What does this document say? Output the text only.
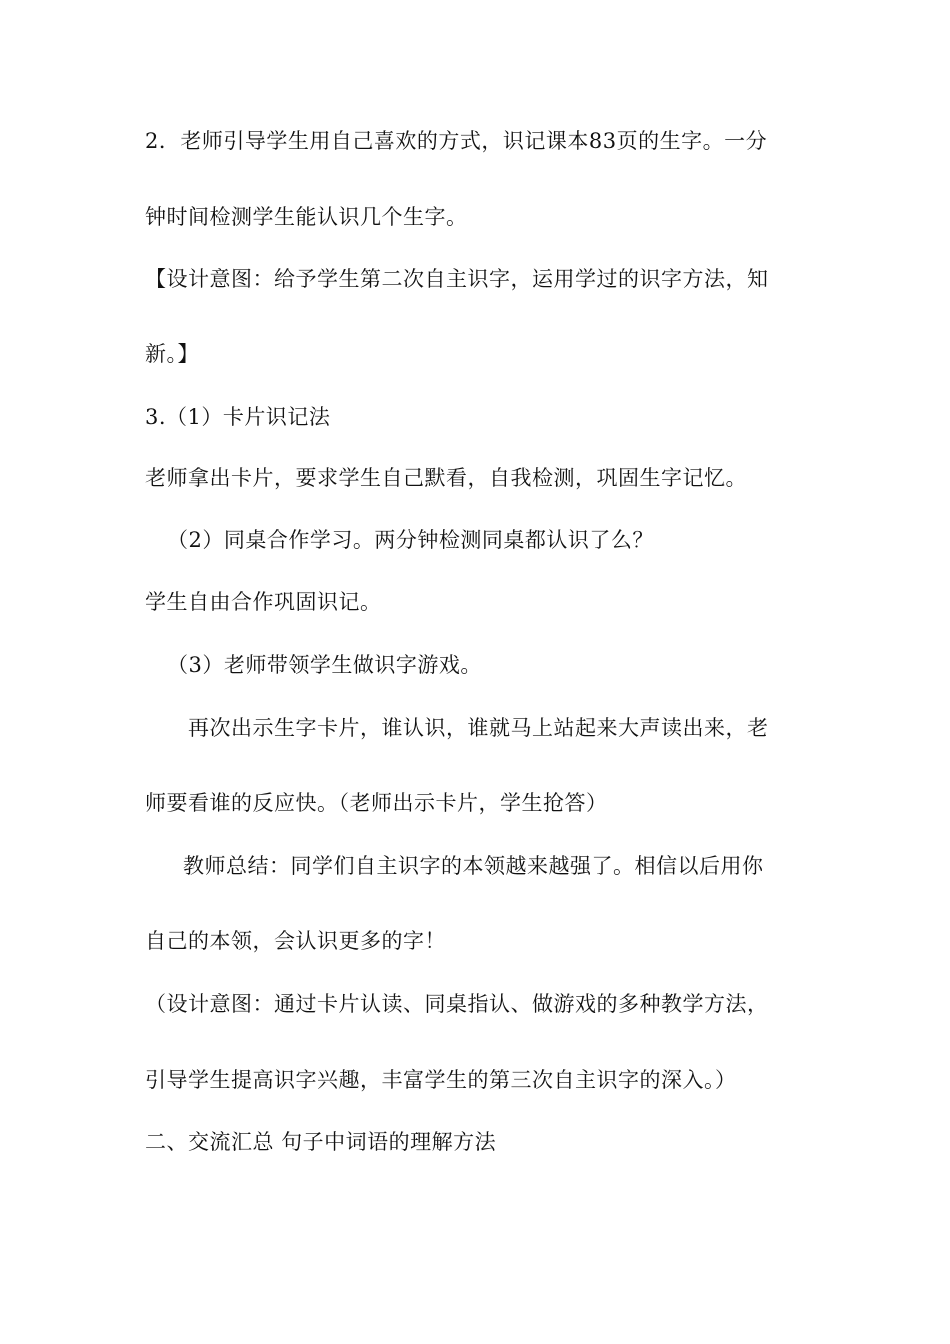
2．老师引导学生用自己喜欢的方式，识记课本83页的生字。一分
钟时间检测学生能认识几个生字。
【设计意图：给予学生第二次自主识字，运用学过的识字方法，知
新。】
3.（1）卡片识记法
老师拿出卡片，要求学生自己默看，自我检测，巩固生字记忆。
（2）同桌合作学习。两分钟检测同桌都认识了么？
学生自由合作巩固识记。
（3）老师带领学生做识字游戏。
再次出示生字卡片，谁认识，谁就马上站起来大声读出来，老
师要看谁的反应快。（老师出示卡片，学生抢答）
教师总结：同学们自主识字的本领越来越强了。相信以后用你
自己的本领，会认识更多的字！
（设计意图：通过卡片认读、同桌指认、做游戏的多种教学方法，
引导学生提高识字兴趣，丰富学生的第三次自主识字的深入。）
二、交流汇总 句子中词语的理解方法
